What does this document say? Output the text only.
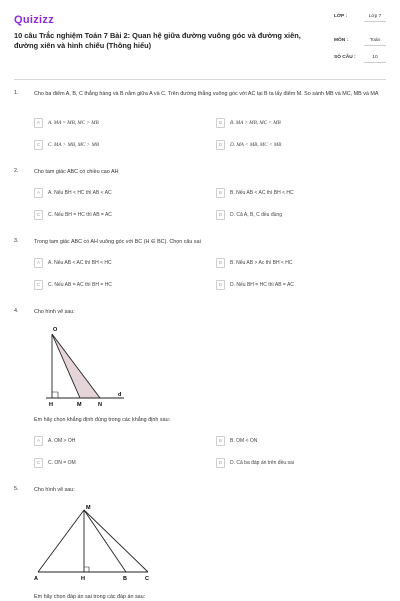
Quizizz
10 câu Trắc nghiệm Toán 7 Bài 2: Quan hệ giữa đường vuông góc và đường xiên, đường xiên và hình chiếu (Thông hiểu)
LỚP :	Lớp 7
MÔN :	Toán
SỐ CÂU :	10
1.	Cho ba điểm A, B, C thẳng hàng và B nằm giữa A và C. Trên đường thẳng vuông góc với AC tại B ta lấy điểm M. So sánh MB và MC, MB và MA
A	A. MA = MB, MC > MB	B	B. MA > MB, MC < MB
C	C. MA > MB, MC > MB	D	D. MA < MB, MC < MB
2.	Cho tam giác ABC có chiều cao AH
A	A. Nếu BH < HC thì AB < AC	B	B. Nếu AB < AC thì BH < HC
C	C. Nếu BH = HC thì AB = AC	D	D. Cả A, B, C đều đúng
3.	Trong tam giác ABC có AH vuông góc với BC (H ∈ BC). Chọn câu sai
A	A. Nếu AB < AC thì BH < HC	B	B. Nếu AB > Ac thì BH < HC
C	C. Nếu AB = AC thì BH = HC	D	D. Nếu BH = HC thì AB = AC
4.	Cho hình vẽ sau:
O
H	M	N
d
Em hãy chọn khẳng định đúng trong các khẳng định sau:
A	A. OM > OH	B	B. OM < ON
C	C. ON = OM	D	D. Cả ba đáp án trên đều sai
5.	Cho hình vẽ sau:
M
A	H	B	C
Em hãy chọn đáp án sai trong các đáp án sau:
